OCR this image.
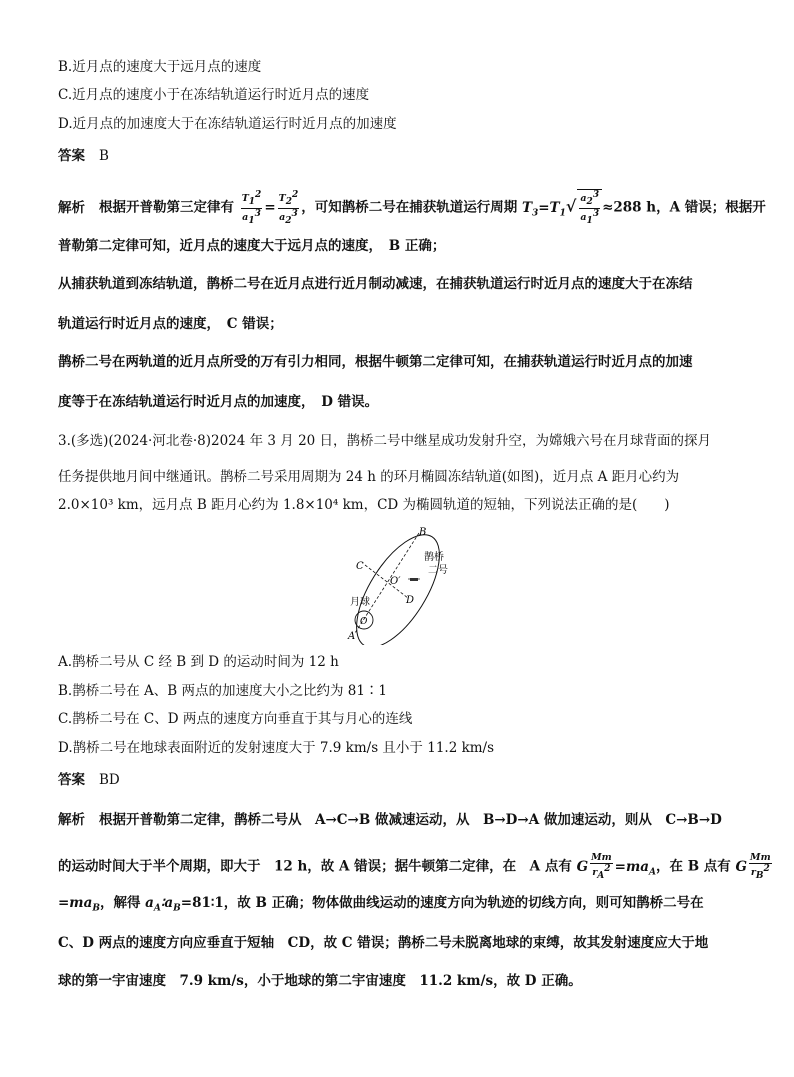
B.近月点的速度大于远月点的速度
C.近月点的速度小于在冻结轨道运行时近月点的速度
D.近月点的加速度大于在冻结轨道运行时近月点的加速度
答案 B
解析 根据开普勒第三定律有 $\frac{T_1^2}{a_1^3} = \frac{T_2^2}{a_2^3}$ ，可知鹊桥二号在捕获轨道运行周期 $T_3=T_1√ \frac{a_2^3}{a_1^3} \approx 288$ h，A 错误；根据开
普勒第二定律可知，近月点的速度大于远月点的速度，　B 正确；
从捕获轨道到冻结轨道，鹊桥二号在近月点进行近月制动减速，在捕获轨道运行时近月点的速度大于在冻结
轨道运行时近月点的速度，　C 错误；
鹊桥二号在两轨道的近月点所受的万有引力相同，根据牛顿第二定律可知，在捕获轨道运行时近月点的加速
度等于在冻结轨道运行时近月点的加速度，　D 错误。
3.(多选)(2024·河北卷·8)2024 年 3 月 20 日，鹊桥二号中继星成功发射升空，为嫦娥六号在月球背面的探月
任务提供地月间中继通讯。鹊桥二号采用周期为 24 h 的环月椭圆冻结轨道(如图)，近月点 A 距月心约为
2.0×10³ km，远月点 B 距月心约为 1.8×10⁴ km，CD 为椭圆轨道的短轴，下列说法正确的是(　　)
B
C
O′
D
O
A
月球
鹊桥
二号
A.鹊桥二号从 C 经 B 到 D 的运动时间为 12 h
B.鹊桥二号在 A、B 两点的加速度大小之比约为 81∶1
C.鹊桥二号在 C、D 两点的速度方向垂直于其与月心的连线
D.鹊桥二号在地球表面附近的发射速度大于 7.9 km/s 且小于 11.2 km/s
答案 BD
解析 根据开普勒第二定律，鹊桥二号从　A→C→B 做减速运动，从　B→D→A 做加速运动，则从　C→B→D
的运动时间大于半个周期，即大于　12 h，故 A 错误；据牛顿第二定律，在　A 点有 G $\frac{Mm}{r_A^2} =ma_A$，在 B 点有 G $\frac{Mm}{r_B^2}$
$=ma_B$，解得 $a_A∶a_B=81∶1$，故 B 正确；物体做曲线运动的速度方向为轨迹的切线方向，则可知鹊桥二号在
C、D 两点的速度方向应垂直于短轴　CD，故 C 错误；鹊桥二号未脱离地球的束缚，故其发射速度应大于地
球的第一宇宙速度　7.9 km/s，小于地球的第二宇宙速度　11.2 km/s，故 D 正确。
